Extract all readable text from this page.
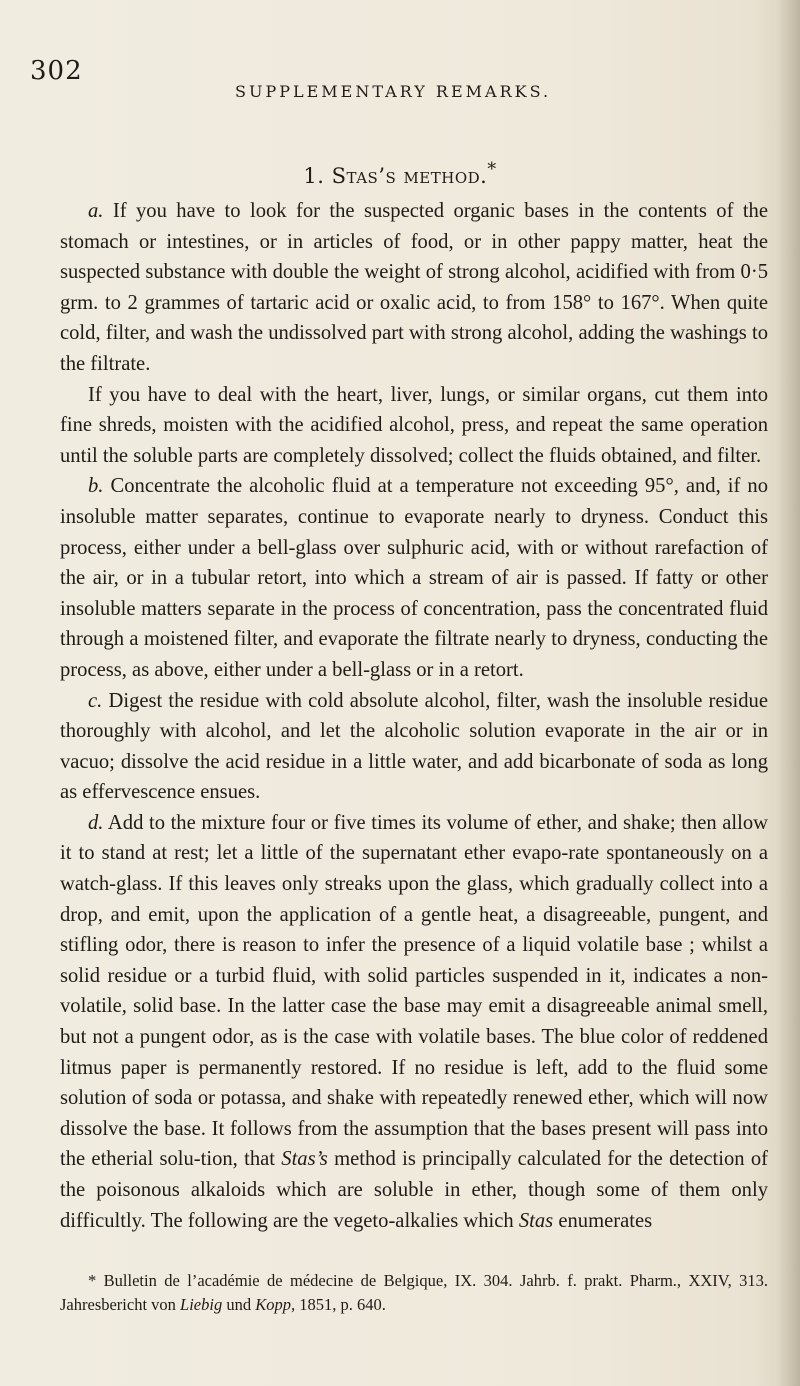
302
SUPPLEMENTARY REMARKS.
1. Stas’s method.*

a. If you have to look for the suspected organic bases in the contents of the stomach or intestines, or in articles of food, or in other pappy matter, heat the suspected substance with double the weight of strong alcohol, acidified with from 0·5 grm. to 2 grammes of tartaric acid or oxalic acid, to from 158° to 167°. When quite cold, filter, and wash the undissolved part with strong alcohol, adding the washings to the filtrate.

If you have to deal with the heart, liver, lungs, or similar organs, cut them into fine shreds, moisten with the acidified alcohol, press, and repeat the same operation until the soluble parts are completely dissolved; collect the fluids obtained, and filter.

b. Concentrate the alcoholic fluid at a temperature not exceeding 95°, and, if no insoluble matter separates, continue to evaporate nearly to dryness. Conduct this process, either under a bell-glass over sulphuric acid, with or without rarefaction of the air, or in a tubular retort, into which a stream of air is passed. If fatty or other insoluble matters separate in the process of concentration, pass the concentrated fluid through a moistened filter, and evaporate the filtrate nearly to dryness, conducting the process, as above, either under a bell-glass or in a retort.

c. Digest the residue with cold absolute alcohol, filter, wash the insoluble residue thoroughly with alcohol, and let the alcoholic solution evaporate in the air or in vacuo; dissolve the acid residue in a little water, and add bicarbonate of soda as long as effervescence ensues.

d. Add to the mixture four or five times its volume of ether, and shake; then allow it to stand at rest; let a little of the supernatant ether evapo-rate spontaneously on a watch-glass. If this leaves only streaks upon the glass, which gradually collect into a drop, and emit, upon the application of a gentle heat, a disagreeable, pungent, and stifling odor, there is reason to infer the presence of a liquid volatile base ; whilst a solid residue or a turbid fluid, with solid particles suspended in it, indicates a non-volatile, solid base. In the latter case the base may emit a disagreeable animal smell, but not a pungent odor, as is the case with volatile bases. The blue color of reddened litmus paper is permanently restored. If no residue is left, add to the fluid some solution of soda or potassa, and shake with repeatedly renewed ether, which will now dissolve the base. It follows from the assumption that the bases present will pass into the etherial solu-tion, that Stas’s method is principally calculated for the detection of the poisonous alkaloids which are soluble in ether, though some of them only difficultly. The following are the vegeto-alkalies which Stas enumerates

* Bulletin de l’académie de médecine de Belgique, IX. 304. Jahrb. f. prakt. Pharm., XXIV, 313. Jahresbericht von Liebig und Kopp, 1851, p. 640.
